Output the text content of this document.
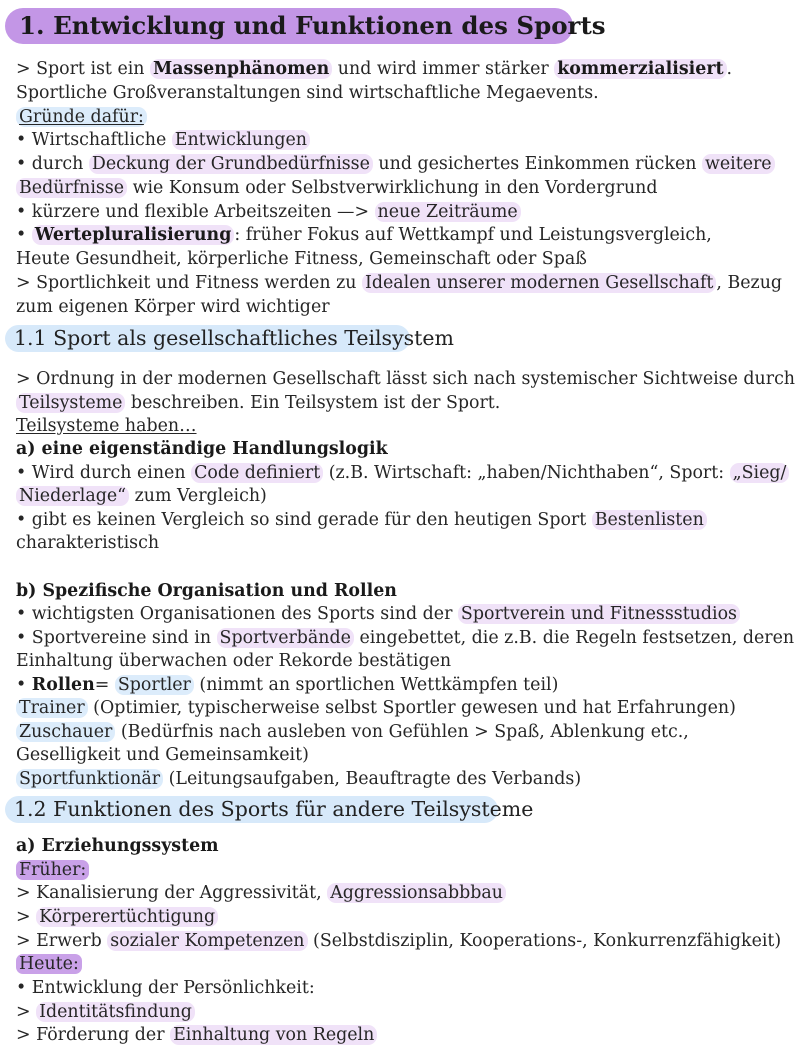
1. Entwicklung und Funktionen des Sports
> Sport ist ein Massenphänomen und wird immer stärker kommerzialisiert .
Sportliche Großveranstaltungen sind wirtschaftliche Megaevents.
Gründe dafür:
• Wirtschaftliche Entwicklungen
• durch Deckung der Grundbedürfnisse und gesichertes Einkommen rücken weitere
Bedürfnisse wie Konsum oder Selbstverwirklichung in den Vordergrund
• kürzere und flexible Arbeitszeiten —> neue Zeiträume
• Wertepluralisierung : früher Fokus auf Wettkampf und Leistungsvergleich,
Heute Gesundheit, körperliche Fitness, Gemeinschaft oder Spaß
> Sportlichkeit und Fitness werden zu Idealen unserer modernen Gesellschaft , Bezug
zum eigenen Körper wird wichtiger
1.1 Sport als gesellschaftliches Teilsystem
> Ordnung in der modernen Gesellschaft lässt sich nach systemischer Sichtweise durch
Teilsysteme beschreiben. Ein Teilsystem ist der Sport.
Teilsysteme haben…
a) eine eigenständige Handlungslogik
• Wird durch einen Code definiert (z.B. Wirtschaft: „haben/Nichthaben“, Sport: „Sieg/
Niederlage“ zum Vergleich)
• gibt es keinen Vergleich so sind gerade für den heutigen Sport Bestenlisten
charakteristisch
b) Spezifische Organisation und Rollen
• wichtigsten Organisationen des Sports sind der Sportverein und Fitnessstudios
• Sportvereine sind in Sportverbände eingebettet, die z.B. die Regeln festsetzen, deren
Einhaltung überwachen oder Rekorde bestätigen
• Rollen= Sportler (nimmt an sportlichen Wettkämpfen teil)
Trainer (Optimier, typischerweise selbst Sportler gewesen und hat Erfahrungen)
Zuschauer (Bedürfnis nach ausleben von Gefühlen > Spaß, Ablenkung etc.,
Geselligkeit und Gemeinsamkeit)
Sportfunktionär (Leitungsaufgaben, Beauftragte des Verbands)
1.2 Funktionen des Sports für andere Teilsysteme
a) Erziehungssystem
Früher:
> Kanalisierung der Aggressivität, Aggressionsabbbau
> Körperertüchtigung
> Erwerb sozialer Kompetenzen (Selbstdisziplin, Kooperations-, Konkurrenzfähigkeit)
Heute:
• Entwicklung der Persönlichkeit:
> Identitätsfindung
> Förderung der Einhaltung von Regeln
